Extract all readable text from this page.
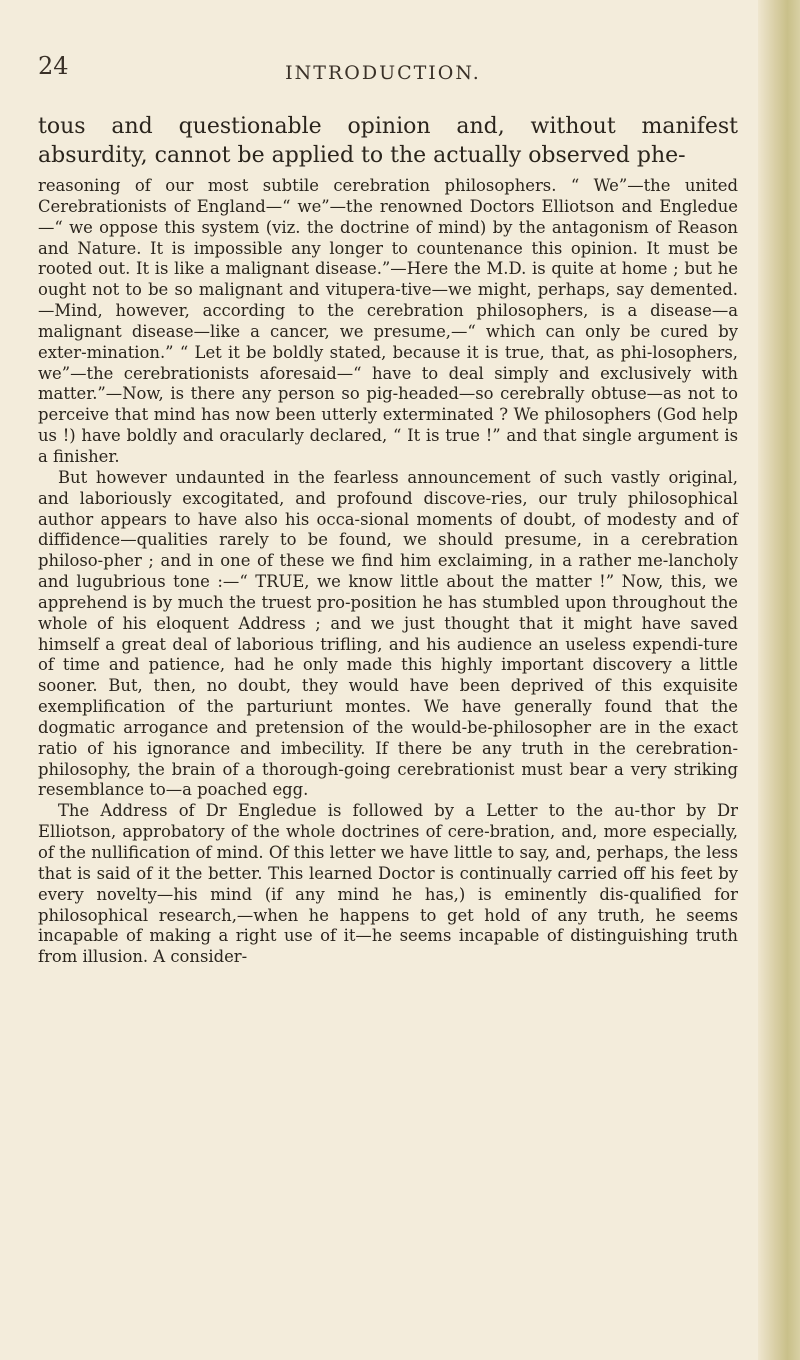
24	INTRODUCTION.
tous and questionable opinion and, without manifest absurdity, cannot be applied to the actually observed phe-

reasoning of our most subtile cerebration philosophers. “ We”—the united Cerebrationists of England—“ we”—the renowned Doctors Elliotson and Engledue—“ we oppose this system (viz. the doctrine of mind) by the antagonism of Reason and Nature. It is impossible any longer to countenance this opinion. It must be rooted out. It is like a malignant disease.”—Here the M.D. is quite at home ; but he ought not to be so malignant and vitupera-tive—we might, perhaps, say demented.—Mind, however, according to the cerebration philosophers, is a disease—a malignant disease—like a cancer, we presume,—“ which can only be cured by exter-mination.” “ Let it be boldly stated, because it is true, that, as phi-losophers, we”—the cerebrationists aforesaid—“ have to deal simply and exclusively with matter.”—Now, is there any person so pig-headed—so cerebrally obtuse—as not to perceive that mind has now been utterly exterminated ? We philosophers (God help us !) have boldly and oracularly declared, “ It is true !” and that single argument is a finisher.

But however undaunted in the fearless announcement of such vastly original, and laboriously excogitated, and profound discove-ries, our truly philosophical author appears to have also his occa-sional moments of doubt, of modesty and of diffidence—qualities rarely to be found, we should presume, in a cerebration philoso-pher ; and in one of these we find him exclaiming, in a rather me-lancholy and lugubrious tone :—“ TRUE, we know little about the matter !” Now, this, we apprehend is by much the truest pro-position he has stumbled upon throughout the whole of his eloquent Address ; and we just thought that it might have saved himself a great deal of laborious trifling, and his audience an useless expendi-ture of time and patience, had he only made this highly important discovery a little sooner. But, then, no doubt, they would have been deprived of this exquisite exemplification of the parturiunt montes. We have generally found that the dogmatic arrogance and pretension of the would-be-philosopher are in the exact ratio of his ignorance and imbecility. If there be any truth in the cerebration-philosophy, the brain of a thorough-going cerebrationist must bear a very striking resemblance to—a poached egg.

The Address of Dr Engledue is followed by a Letter to the au-thor by Dr Elliotson, approbatory of the whole doctrines of cere-bration, and, more especially, of the nullification of mind. Of this letter we have little to say, and, perhaps, the less that is said of it the better. This learned Doctor is continually carried off his feet by every novelty—his mind (if any mind he has,) is eminently dis-qualified for philosophical research,—when he happens to get hold of any truth, he seems incapable of making a right use of it—he seems incapable of distinguishing truth from illusion. A consider-
